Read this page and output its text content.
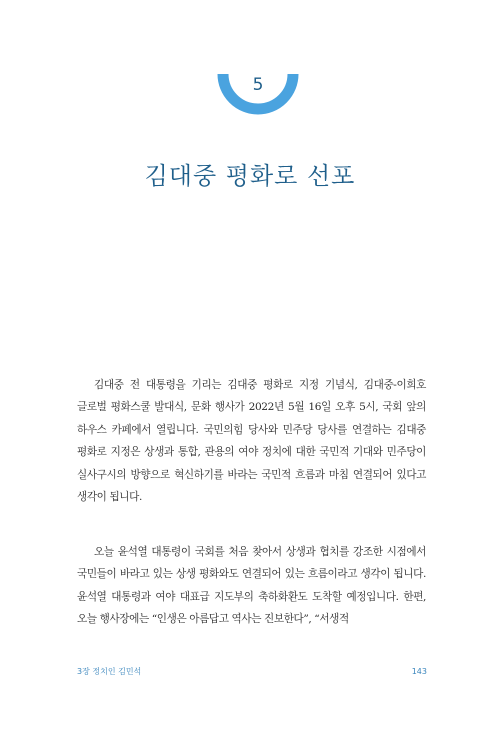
5
김대중 평화로 선포

김대중 전 대통령을 기리는 김대중 평화로 지정 기념식, 김대중-이희호 글로벌 평화스쿨 발대식, 문화 행사가 2022년 5월 16일 오후 5시, 국회 앞의 하우스 카페에서 열립니다. 국민의힘 당사와 민주당 당사를 연결하는 김대중 평화로 지정은 상생과 통합, 관용의 여야 정치에 대한 국민적 기대와 민주당이 실사구시의 방향으로 혁신하기를 바라는 국민적 흐름과 마침 연결되어 있다고 생각이 됩니다.

오늘 윤석열 대통령이 국회를 처음 찾아서 상생과 협치를 강조한 시점에서 국민들이 바라고 있는 상생 평화와도 연결되어 있는 흐름이라고 생각이 됩니다. 윤석열 대통령과 여야 대표급 지도부의 축하화환도 도착할 예정입니다. 한편, 오늘 행사장에는 “인생은 아름답고 역사는 진보한다”, “서생적

3장 정치인 김민석	143
